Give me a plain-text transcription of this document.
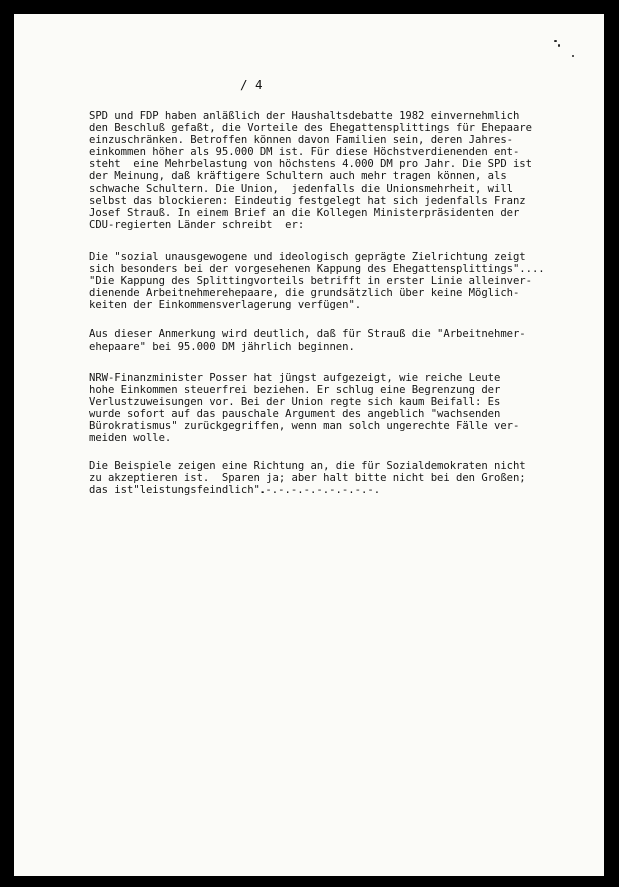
/ 4
SPD und FDP haben anläßlich der Haushaltsdebatte 1982 einvernehmlich
den Beschluß gefaßt, die Vorteile des Ehegattensplittings für Ehepaare
einzuschränken. Betroffen können davon Familien sein, deren Jahres-
einkommen höher als 95.000 DM ist. Für diese Höchstverdienenden ent-
steht  eine Mehrbelastung von höchstens 4.000 DM pro Jahr. Die SPD ist
der Meinung, daß kräftigere Schultern auch mehr tragen können, als
schwache Schultern. Die Union,  jedenfalls die Unionsmehrheit, will
selbst das blockieren: Eindeutig festgelegt hat sich jedenfalls Franz
Josef Strauß. In einem Brief an die Kollegen Ministerpräsidenten der
CDU-regierten Länder schreibt  er:
Die "sozial unausgewogene und ideologisch geprägte Zielrichtung zeigt
sich besonders bei der vorgesehenen Kappung des Ehegattensplittings"....
"Die Kappung des Splittingvorteils betrifft in erster Linie alleinver-
dienende Arbeitnehmerehepaare, die grundsätzlich über keine Möglich-
keiten der Einkommensverlagerung verfügen".
Aus dieser Anmerkung wird deutlich, daß für Strauß die "Arbeitnehmer-
ehepaare" bei 95.000 DM jährlich beginnen.
NRW-Finanzminister Posser hat jüngst aufgezeigt, wie reiche Leute
hohe Einkommen steuerfrei beziehen. Er schlug eine Begrenzung der
Verlustzuweisungen vor. Bei der Union regte sich kaum Beifall: Es
wurde sofort auf das pauschale Argument des angeblich "wachsenden
Bürokratismus" zurückgegriffen, wenn man solch ungerechte Fälle ver-
meiden wolle.
Die Beispiele zeigen eine Richtung an, die für Sozialdemokraten nicht
zu akzeptieren ist.  Sparen ja; aber halt bitte nicht bei den Großen;
das ist"leistungsfeindlich".
.-.-.-.-.-.-.-.-.-.
